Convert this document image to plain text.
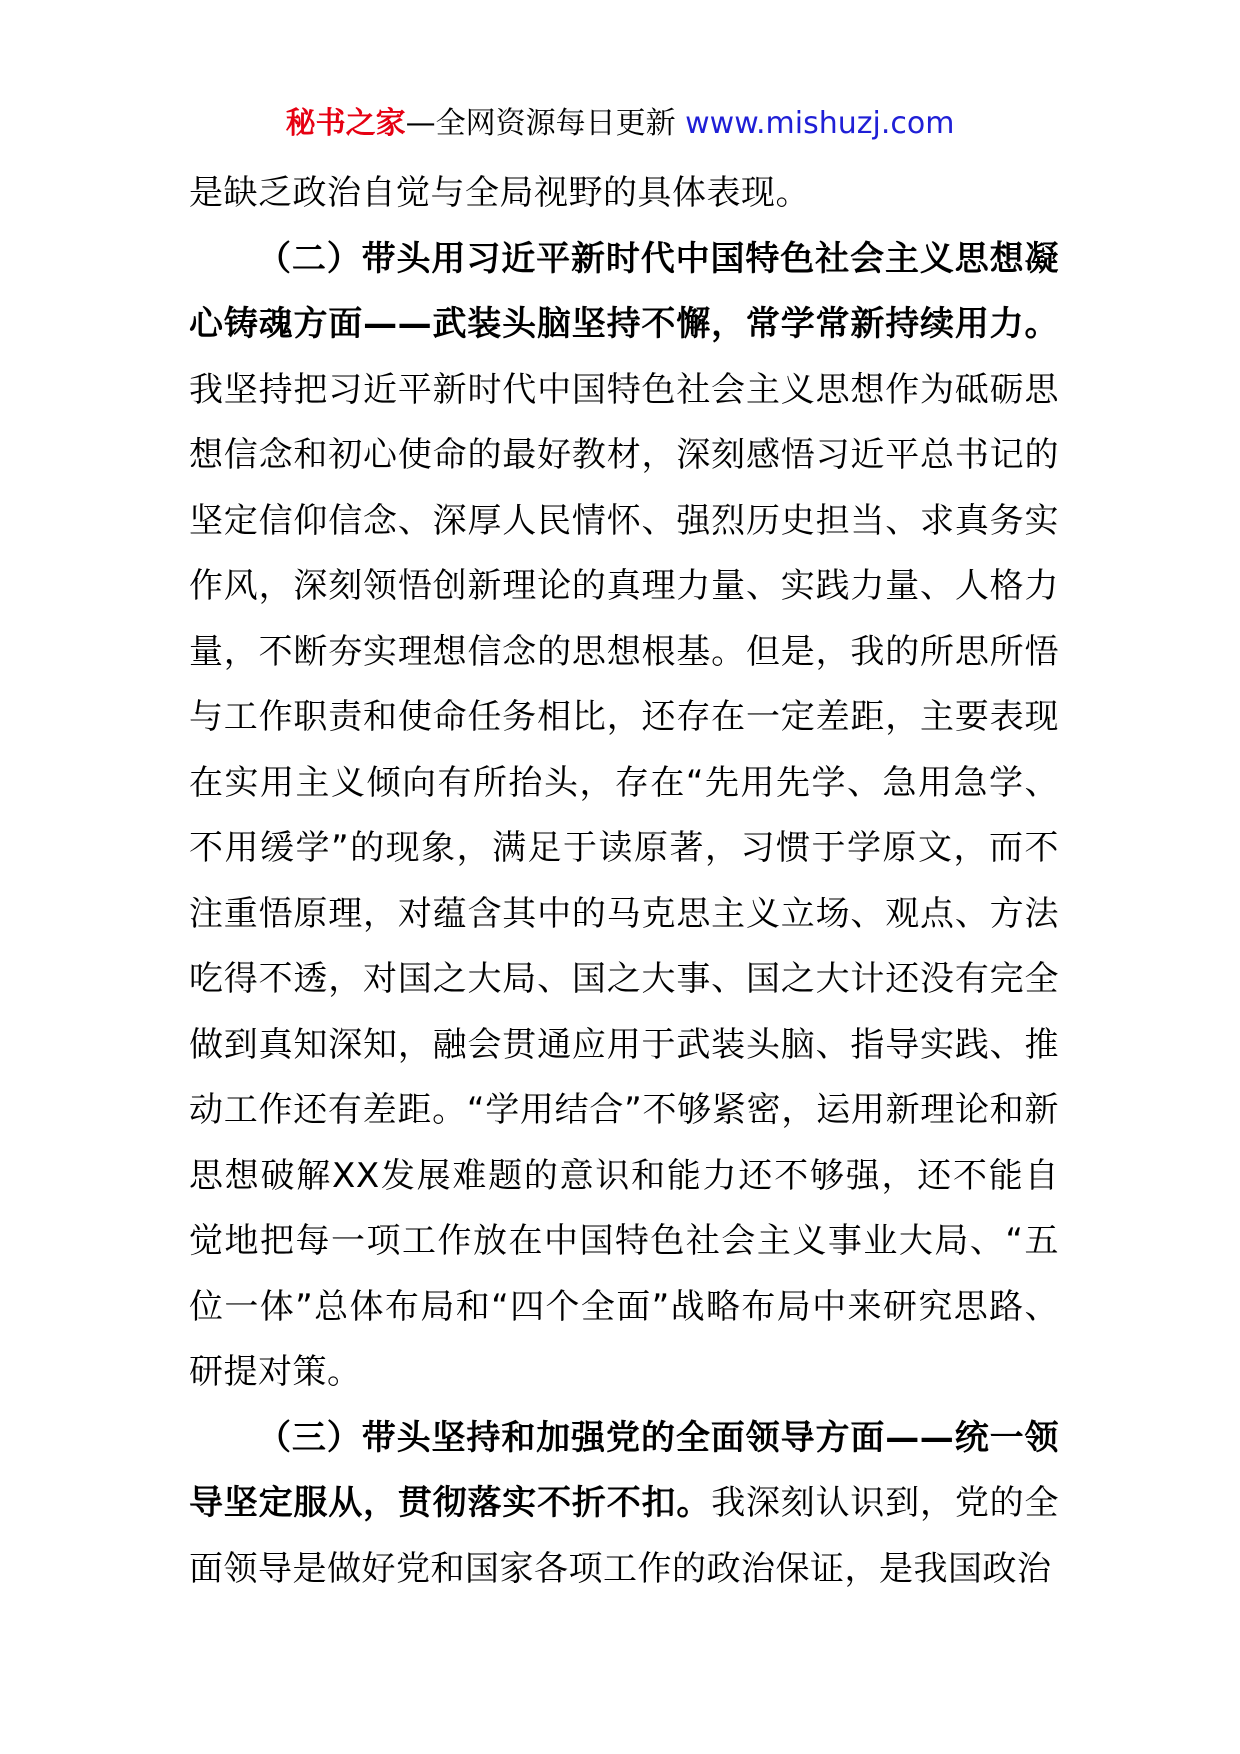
秘书之家—全网资源每日更新 www.mishuzj.com

是缺乏政治自觉与全局视野的具体表现。

（二）带头用习近平新时代中国特色社会主义思想凝心铸魂方面——武装头脑坚持不懈，常学常新持续用力。我坚持把习近平新时代中国特色社会主义思想作为砥砺思想信念和初心使命的最好教材，深刻感悟习近平总书记的坚定信仰信念、深厚人民情怀、强烈历史担当、求真务实作风，深刻领悟创新理论的真理力量、实践力量、人格力量，不断夯实理想信念的思想根基。但是，我的所思所悟与工作职责和使命任务相比，还存在一定差距，主要表现在实用主义倾向有所抬头，存在“先用先学、急用急学、不用缓学”的现象，满足于读原著，习惯于学原文，而不注重悟原理，对蕴含其中的马克思主义立场、观点、方法吃得不透，对国之大局、国之大事、国之大计还没有完全做到真知深知，融会贯通应用于武装头脑、指导实践、推动工作还有差距。“学用结合”不够紧密，运用新理论和新思想破解XX发展难题的意识和能力还不够强，还不能自觉地把每一项工作放在中国特色社会主义事业大局、“五位一体”总体布局和“四个全面”战略布局中来研究思路、研提对策。

（三）带头坚持和加强党的全面领导方面——统一领导坚定服从，贯彻落实不折不扣。我深刻认识到，党的全面领导是做好党和国家各项工作的政治保证，是我国政治
